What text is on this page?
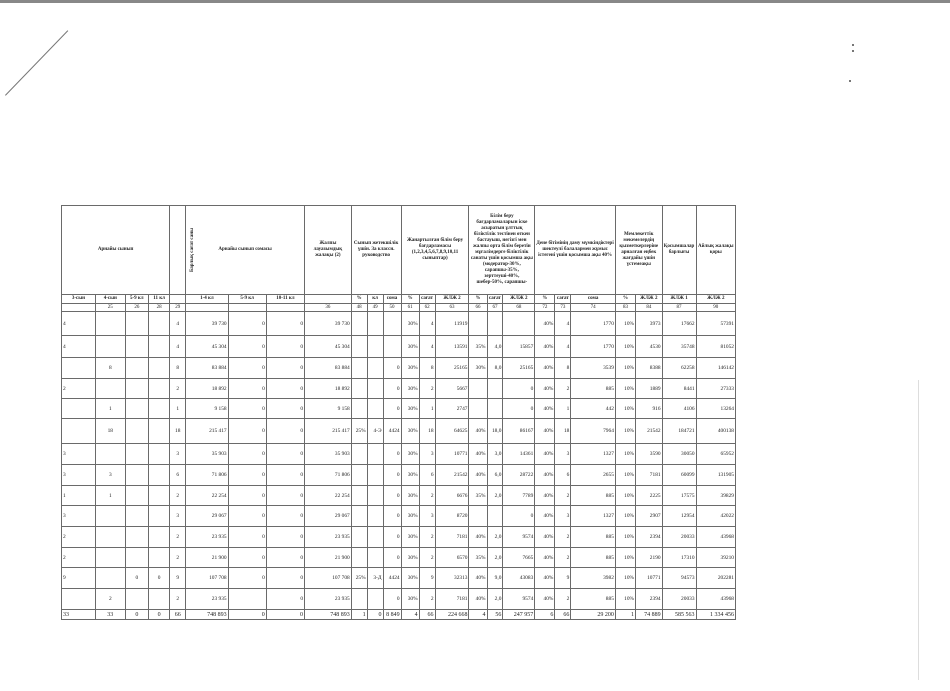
Арнайы сынып				Барлық сағат саны	Арнайы сынып сомасы			Жалпы лауазымдық жалақы (2)	Сынып жетекшілік үшін. За классн. руководство			Жанартылған білім беру бағдарламасы (1,2,3,4,5,6,7,8,9,10,11 сыныптар)			Білім беру бағдарламаларын іске асыратын ұлттық біліктілік тестінен өткен бастауыш, негізгі мен жалпы орта білім беретін мұғалімдерге біліктілік санаты үшін қосымша ақы (модератор-30%, сарапшы-35%, зерттеуші-40%, шебер-50%, сарапшы-			Дене бітімінің даму мүмкіндіктері шектеулі балалармен жұмыс істегені үшін қосымша ақы 40%			Мемлекеттік мекемелердің қызметкерлеріне арналған еңбек жағдайы үшін үстемеақы		Қосымшалар барлығы	Айлық жалақы қоры
3-сын	4-сын	5-9 кл	11 кл		1-4 кл	5-9 кл	10-11 кл		%	кл	сома	%	сағат	ЖЛЖ 2	%	сағат	ЖЛЖ 2	%	сағат	сома	%	ЖЛЖ 2	ЖЛЖ 1	ЖЛЖ 2
	25	26	28	29				36	48	49	50	61	62	63	66	67	68	72	73	74	83	84	87	90
4				4	39 730	0	0	39 730				30%	4	11919				40%	4	1770	10%	3973	17662	57391
4				4	45 304	0	0	45 304				30%	4	13591	35%	4,0	15857	40%	4	1770	10%	4530	35748	81052
	8			8	83 884	0	0	83 884			0	30%	8	25165	30%	8,0	25165	40%	8	3539	10%	8388	62258	146142
2				2	18 892	0	0	18 892			0	30%	2	5667			0	40%	2	885	10%	1889	8441	27333
	1			1	9 158	0	0	9 158			0	30%	1	2747			0	40%	1	442	10%	916	4106	13264
	18			18	215 417	0	0	215 417	25%	4-Э	4424	30%	18	64625	40%	18,0	86167	40%	18	7964	10%	21542	184721	400138
3				3	35 903	0	0	35 903			0	30%	3	10771	40%	3,0	14361	40%	3	1327	10%	3590	30050	65952
3	3			6	71 806	0	0	71 806			0	30%	6	21542	40%	6,0	28722	40%	6	2655	10%	7181	60099	131905
1	1			2	22 254	0	0	22 254			0	30%	2	6676	35%	2,0	7789	40%	2	885	10%	2225	17575	39829
3				3	29 067	0	0	29 067			0	30%	3	8720			0	40%	3	1327	10%	2907	12954	42022
2				2	23 935	0	0	23 935			0	30%	2	7181	40%	2,0	9574	40%	2	885	10%	2394	20033	43968
2				2	21 900	0	0	21 900			0	30%	2	6570	35%	2,0	7665	40%	2	885	10%	2190	17310	39210
9		0	0	9	107 708	0	0	107 708	25%	3-Д	4424	30%	9	32313	40%	9,0	43083	40%	9	3982	10%	10771	94573	202281
	2			2	23 935		0	23 935			0	30%	2	7181	40%	2,0	9574	40%	2	885	10%	2394	20033	43968
33	33	0	0	66	748 893	0	0	748 893	1	0	8 849	4	66	224 668	4	56	247 957	6	66	29 200	1	74 889	585 563	1 334 456
